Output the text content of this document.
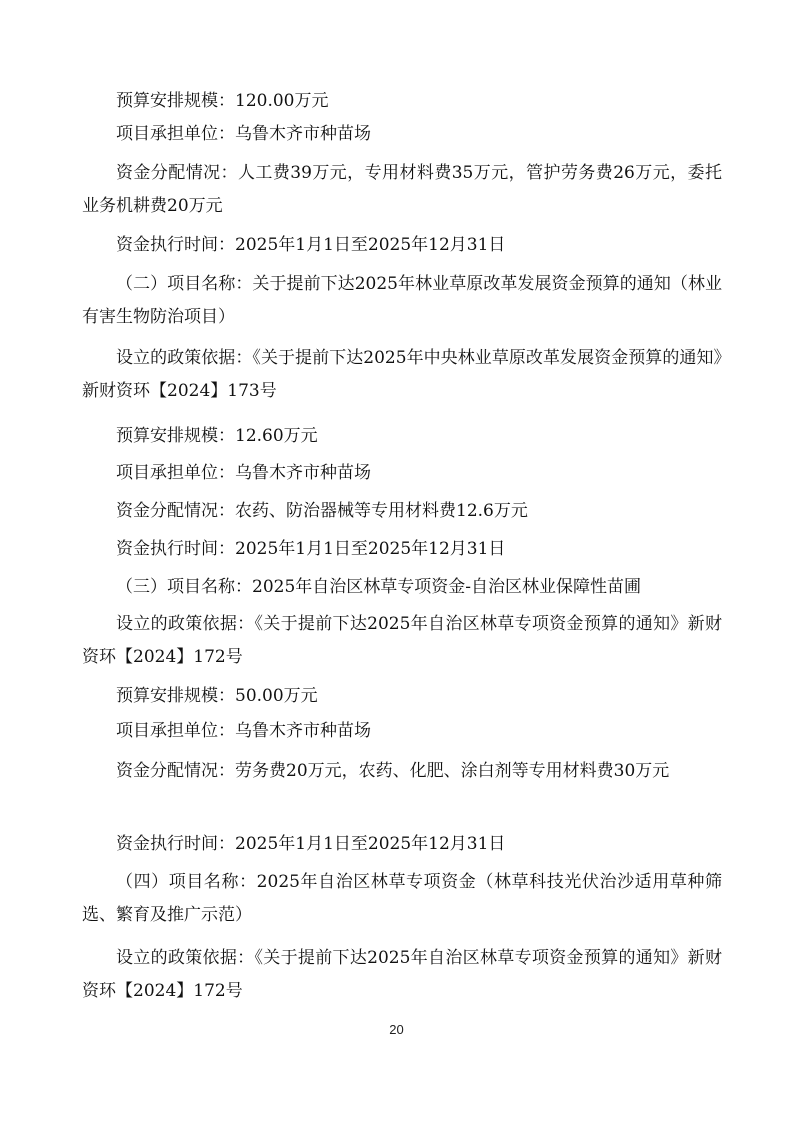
预算安排规模：120.00万元

项目承担单位：乌鲁木齐市种苗场

资金分配情况：人工费39万元，专用材料费35万元，管护劳务费26万元，委托业务机耕费20万元

资金执行时间：2025年1月1日至2025年12月31日

（二）项目名称：关于提前下达2025年林业草原改革发展资金预算的通知（林业有害生物防治项目）

设立的政策依据：《关于提前下达2025年中央林业草原改革发展资金预算的通知》新财资环【2024】173号

预算安排规模：12.60万元

项目承担单位：乌鲁木齐市种苗场

资金分配情况：农药、防治器械等专用材料费12.6万元

资金执行时间：2025年1月1日至2025年12月31日

（三）项目名称：2025年自治区林草专项资金-自治区林业保障性苗圃

设立的政策依据：《关于提前下达2025年自治区林草专项资金预算的通知》新财资环【2024】172号

预算安排规模：50.00万元

项目承担单位：乌鲁木齐市种苗场

资金分配情况：劳务费20万元，农药、化肥、涂白剂等专用材料费30万元

资金执行时间：2025年1月1日至2025年12月31日

（四）项目名称：2025年自治区林草专项资金（林草科技光伏治沙适用草种筛选、繁育及推广示范）

设立的政策依据：《关于提前下达2025年自治区林草专项资金预算的通知》新财资环【2024】172号

20
